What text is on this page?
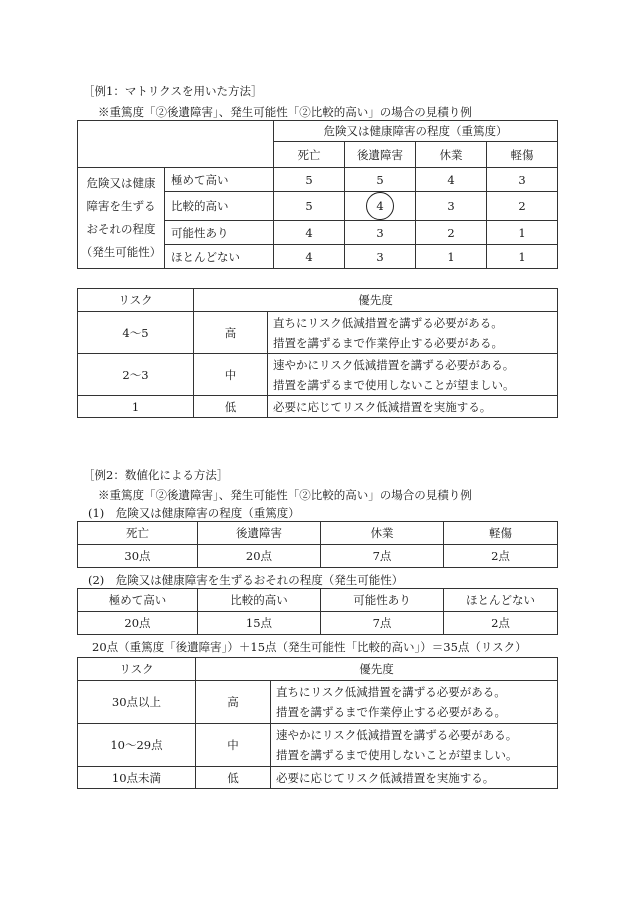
［例1：マトリクスを用いた方法］
※重篤度「②後遺障害」、発生可能性「②比較的高い」の場合の見積り例
		危険又は健康障害の程度（重篤度）			
		死亡	後遺障害	休業	軽傷

危険又は健康
障害を生ずる
おそれの程度
（発生可能性）	極めて高い	5	5	4	3
	比較的高い	5	4	3	2
	可能性あり	4	3	2	1
	ほとんどない	4	3	1	1
リスク	優先度	
4～5	高	直ちにリスク低減措置を講ずる必要がある。
措置を講ずるまで作業停止する必要がある。

2～3	中	速やかにリスク低減措置を講ずる必要がある。
措置を講ずるまで使用しないことが望ましい。

1	低	必要に応じてリスク低減措置を実施する。
［例2：数値化による方法］
※重篤度「②後遺障害」、発生可能性「②比較的高い」の場合の見積り例
(1)　危険又は健康障害の程度（重篤度）
死亡	後遺障害	休業	軽傷
30点	20点	7点	2点
(2)　危険又は健康障害を生ずるおそれの程度（発生可能性）
極めて高い	比較的高い	可能性あり	ほとんどない
20点	15点	7点	2点
20点（重篤度「後遺障害」）＋15点（発生可能性「比較的高い」）＝35点（リスク）
リスク	優先度	
30点以上	高	直ちにリスク低減措置を講ずる必要がある。
措置を講ずるまで作業停止する必要がある。

10～29点	中	速やかにリスク低減措置を講ずる必要がある。
措置を講ずるまで使用しないことが望ましい。

10点未満	低	必要に応じてリスク低減措置を実施する。
